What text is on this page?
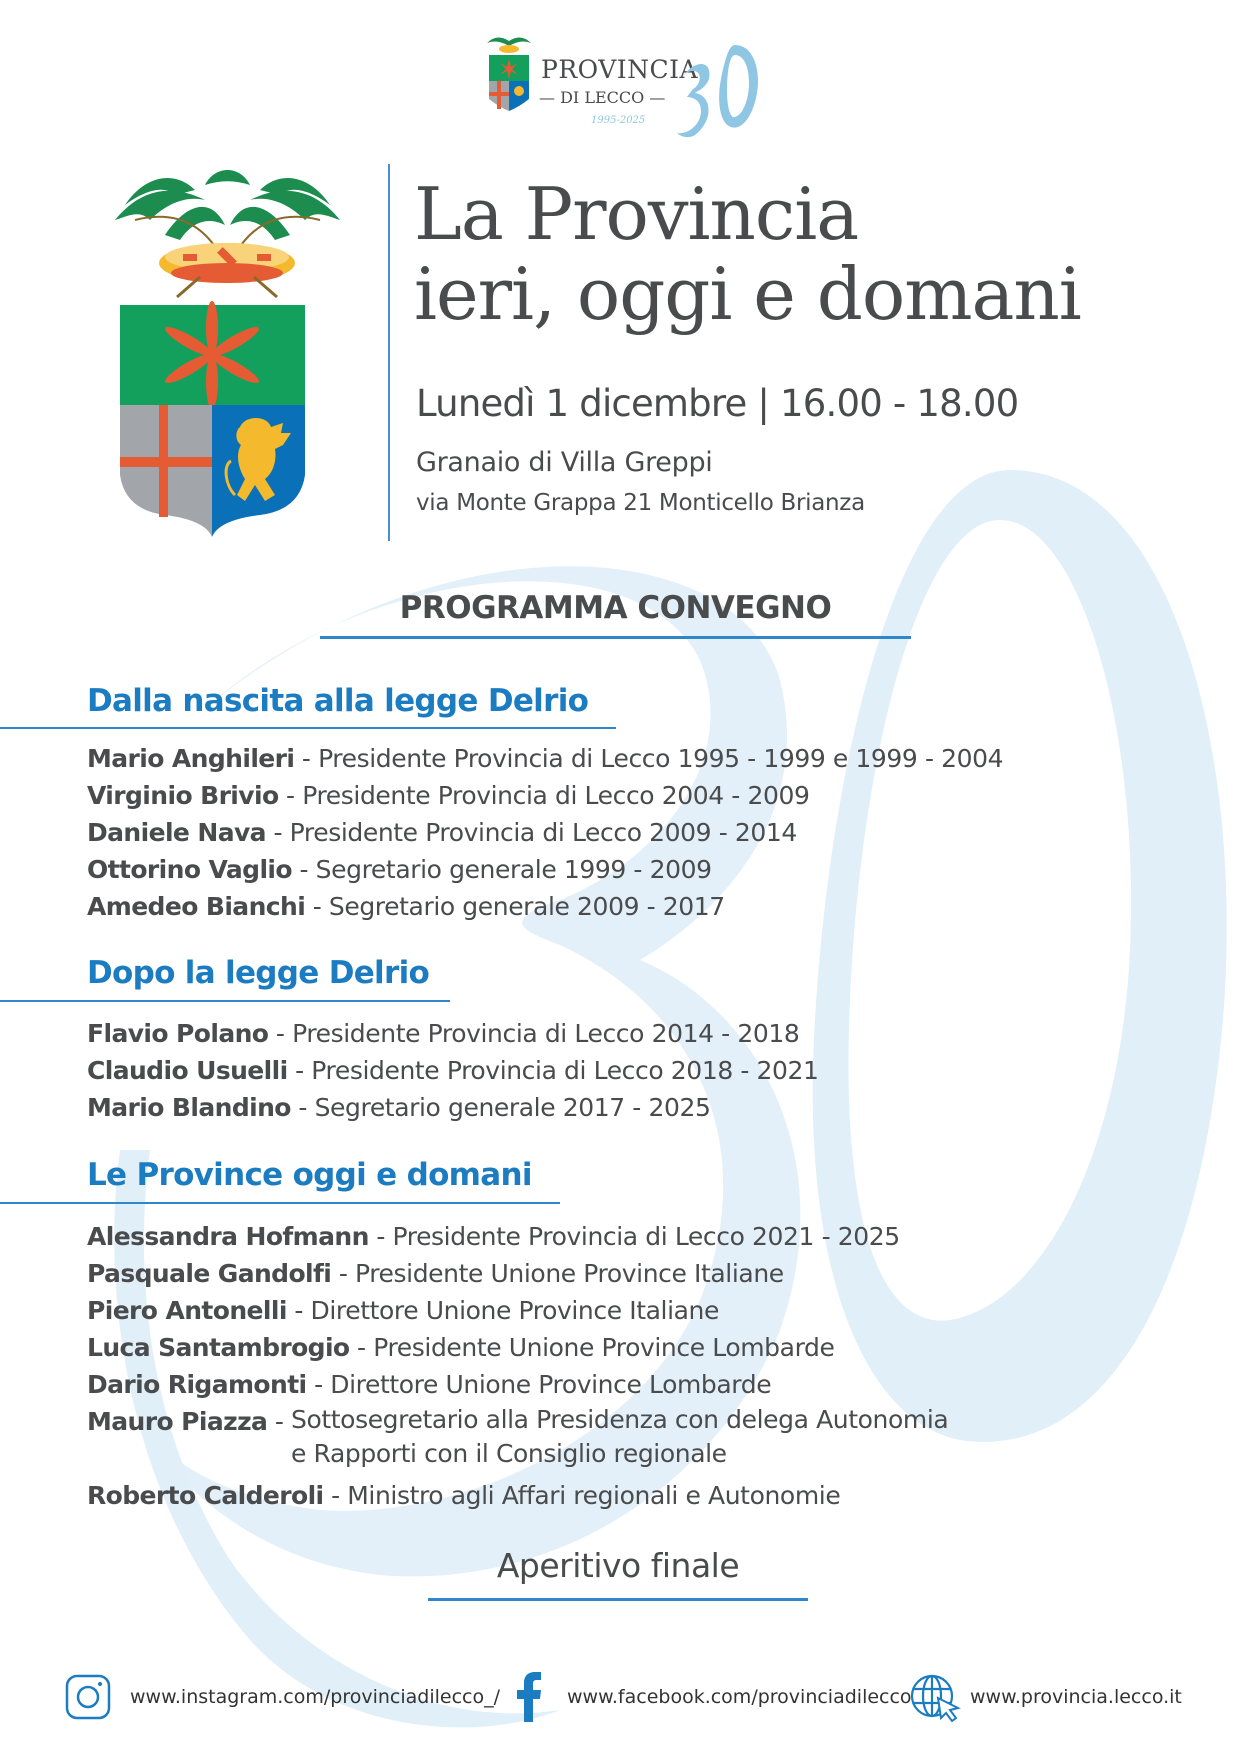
PROVINCIA
— DI LECCO —
1995-2025
La Provincia
ieri, oggi e domani
Lunedì 1 dicembre | 16.00 - 18.00
Granaio di Villa Greppi
via Monte Grappa 21 Monticello Brianza
PROGRAMMA CONVEGNO
Dalla nascita alla legge Delrio
Mario Anghileri - Presidente Provincia di Lecco 1995 - 1999 e 1999 - 2004
Virginio Brivio - Presidente Provincia di Lecco 2004 - 2009
Daniele Nava - Presidente Provincia di Lecco 2009 - 2014
Ottorino Vaglio - Segretario generale 1999 - 2009
Amedeo Bianchi - Segretario generale 2009 - 2017
Dopo la legge Delrio
Flavio Polano - Presidente Provincia di Lecco 2014 - 2018
Claudio Usuelli - Presidente Provincia di Lecco 2018 - 2021
Mario Blandino - Segretario generale 2017 - 2025
Le Province oggi e domani
Alessandra Hofmann - Presidente Provincia di Lecco 2021 - 2025
Pasquale Gandolfi - Presidente Unione Province Italiane
Piero Antonelli - Direttore Unione Province Italiane
Luca Santambrogio - Presidente Unione Province Lombarde
Dario Rigamonti - Direttore Unione Province Lombarde
Mauro Piazza - Sottosegretario alla Presidenza con delega Autonomia
e Rapporti con il Consiglio regionale
Roberto Calderoli - Ministro agli Affari regionali e Autonomie
Aperitivo finale
www.instagram.com/provinciadilecco_/	www.facebook.com/provinciadilecco	www.provincia.lecco.it
